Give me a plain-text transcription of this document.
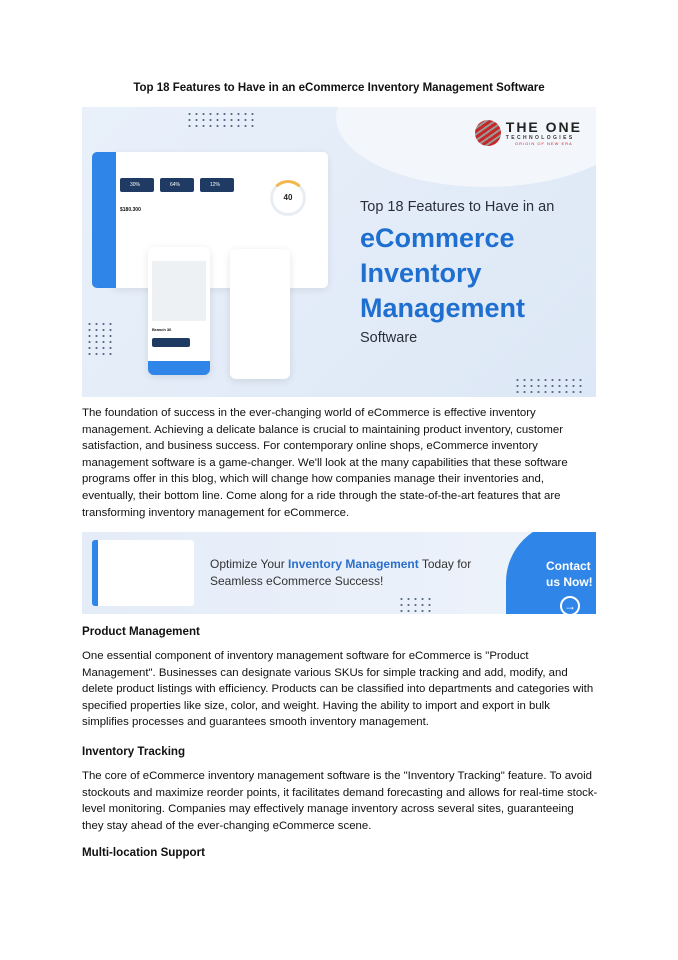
Top 18 Features to Have in an eCommerce Inventory Management Software
THE ONE
TECHNOLOGIES
ORIGIN OF NEW ERA
30%	64%	12%
$180.300
40
Branch 36
Top 18 Features to Have in an
eCommerce
Inventory
Management
Software

The foundation of success in the ever-changing world of eCommerce is effective inventory management. Achieving a delicate balance is crucial to maintaining product inventory, customer satisfaction, and business success. For contemporary online shops, eCommerce inventory management software is a game-changer. We'll look at the many capabilities that these software programs offer in this blog, which will change how companies manage their inventories and, eventually, their bottom line. Come along for a ride through the state-of-the-art features that are transforming inventory management for eCommerce.

Optimize Your Inventory Management Today for
Seamless eCommerce Success!
Contact us Now!
→
Product Management

One essential component of inventory management software for eCommerce is "Product Management". Businesses can designate various SKUs for simple tracking and add, modify, and delete product listings with efficiency. Products can be classified into departments and categories with specified properties like size, color, and weight. Having the ability to import and export in bulk simplifies processes and guarantees smooth inventory management.

Inventory Tracking

The core of eCommerce inventory management software is the "Inventory Tracking" feature. To avoid stockouts and maximize reorder points, it facilitates demand forecasting and allows for real-time stock-level monitoring. Companies may effectively manage inventory across several sites, guaranteeing they stay ahead of the ever-changing eCommerce scene.

Multi-location Support
